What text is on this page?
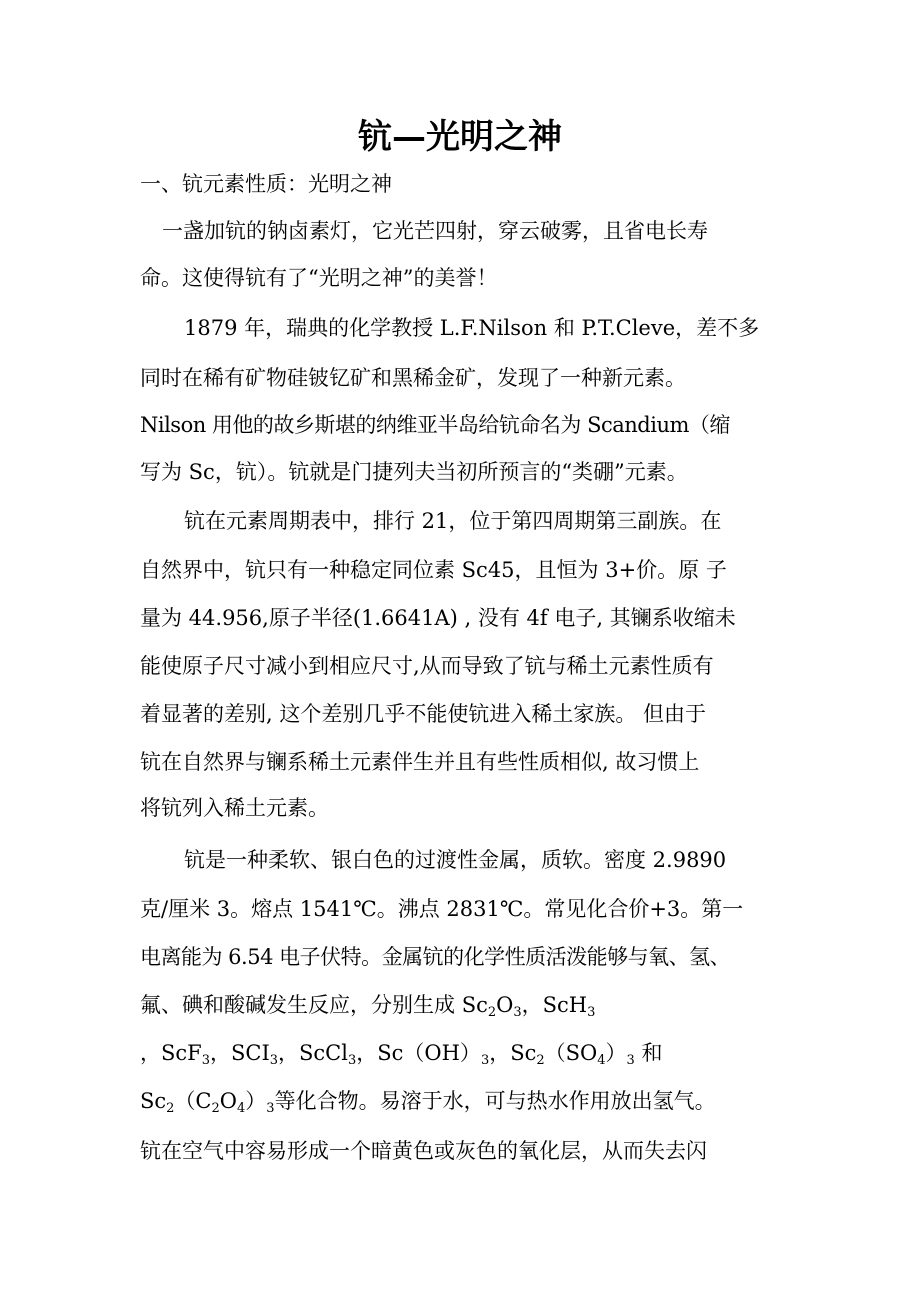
钪—光明之神
一、钪元素性质：光明之神
一盏加钪的钠卤素灯，它光芒四射，穿云破雾，且省电长寿
命。这使得钪有了“光明之神”的美誉！
1879 年，瑞典的化学教授 L.F.Nilson 和 P.T.Cleve，差不多
同时在稀有矿物硅铍钇矿和黑稀金矿，发现了一种新元素。
Nilson 用他的故乡斯堪的纳维亚半岛给钪命名为 Scandium（缩
写为 Sc，钪）。钪就是门捷列夫当初所预言的“类硼”元素。
钪在元素周期表中，排行 21，位于第四周期第三副族。在
自然界中，钪只有一种稳定同位素 Sc45，且恒为 3+价。原 子
量为 44.956,原子半径(1.6641A) , 没有 4f 电子, 其镧系收缩未
能使原子尺寸减小到相应尺寸,从而导致了钪与稀土元素性质有
着显著的差别, 这个差别几乎不能使钪进入稀土家族。 但由于
钪在自然界与镧系稀土元素伴生并且有些性质相似, 故习惯上
将钪列入稀土元素。
钪是一种柔软、银白色的过渡性金属，质软。密度 2.9890
克/厘米 3。熔点 1541℃。沸点 2831℃。常见化合价+3。第一
电离能为 6.54 电子伏特。金属钪的化学性质活泼能够与氧、氢、
氟、碘和酸碱发生反应，分别生成 $Sc_2O_3$，ScH$_3$
，ScF$_3$，$SCI_3$，ScCl$_3$，$Sc(OH)_3$，$Sc_2(SO_4)_3$ 和
$Sc_2(C_2O_4)_3$等化合物。易溶于水，可与热水作用放出氢气。
钪在空气中容易形成一个暗黄色或灰色的氧化层，从而失去闪
